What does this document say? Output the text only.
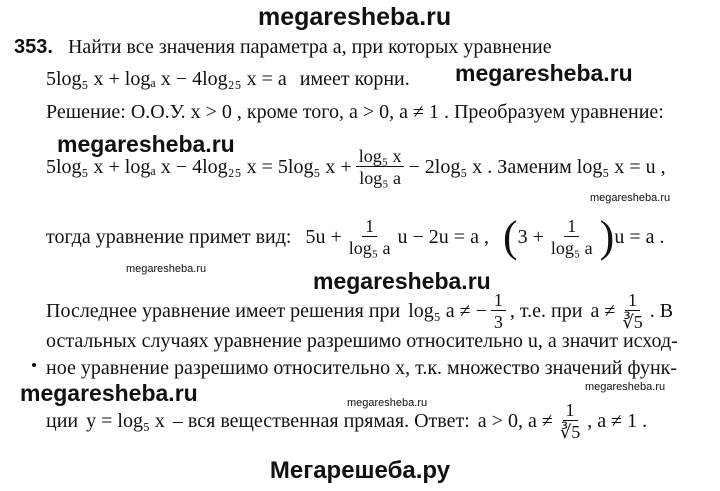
megaresheba.ru
megaresheba.ru
megaresheba.ru
megaresheba.ru
megaresheba.ru	megaresheba.ru
megaresheba.ru	megaresheba.ru
megaresheba.ru
353. Найти все значения параметра a, при которых уравнение
5log₅ x + logₐ x − 4log₂₅ x = a имеет корни.
Решение: О.О.У. x > 0 , кроме того, a > 0, a ≠ 1 . Преобразуем уравнение:
5log₅ x + logₐ x − 4log₂₅ x = 5log₅ $x + \frac{\text{log₅ x}}{\text{log₅ a}} - 2\log_5$ x . Заменим log₅ x = u ,
тогда уравнение примет вид: $5u + \frac{1}{\text{log₅ a}}$ u − 2u = a , ( $3 + \frac{1}{\text{log₅ a}}$ ) u = a .
Последнее уравнение имеет решения при log₅ a ≠ − $\frac{1}{3}$ , т.е. при $a \ne \frac{1}{∛5}$ . В
остальных случаях уравнение разрешимо относительно u, а значит исход-
ное уравнение разрешимо относительно x, т.к. множество значений функ-
ции y = log₅ x – вся вещественная прямая. Ответ: a > 0, $a \ne \frac{1}{∛5}$ , a ≠ 1 .
Мегарешеба.ру
